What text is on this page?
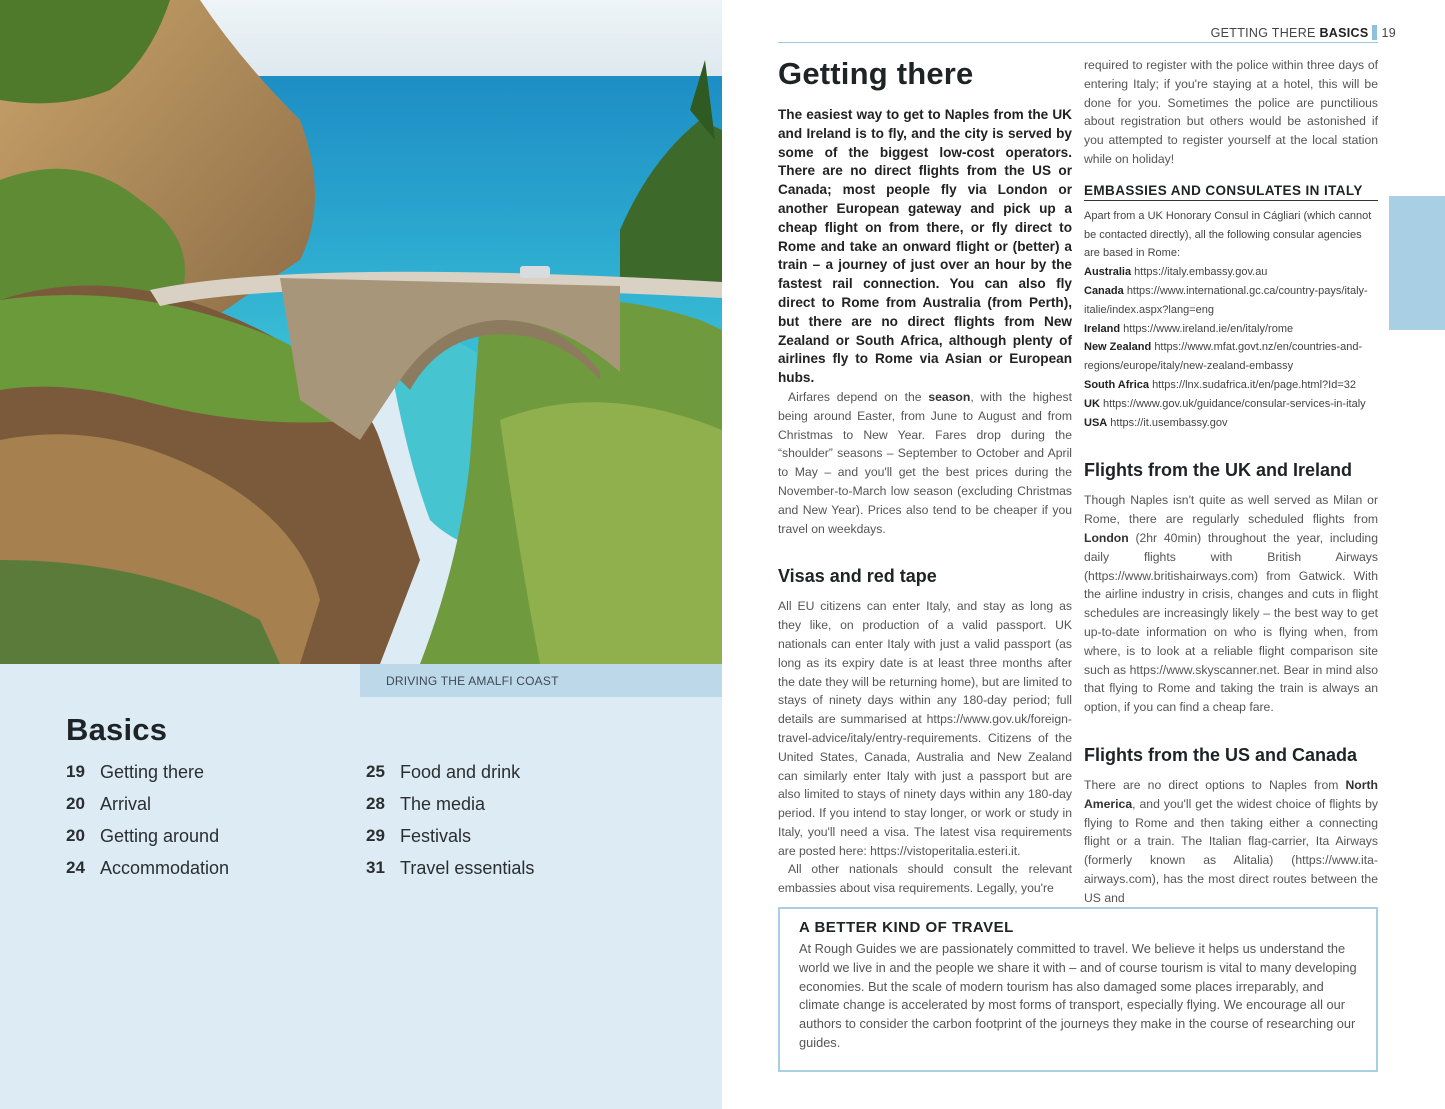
DRIVING THE AMALFI COAST
Basics
19 Getting there
20 Arrival
20 Getting around
24 Accommodation
25 Food and drink
28 The media
29 Festivals
31 Travel essentials
GETTING THERE BASICS 19
Getting there

The easiest way to get to Naples from the UK and Ireland is to fly, and the city is served by some of the biggest low-cost operators. There are no direct flights from the US or Canada; most people fly via London or another European gateway and pick up a cheap flight on from there, or fly direct to Rome and take an onward flight or (better) a train – a journey of just over an hour by the fastest rail connection. You can also fly direct to Rome from Australia (from Perth), but there are no direct flights from New Zealand or South Africa, although plenty of airlines fly to Rome via Asian or European hubs.

Airfares depend on the season, with the highest being around Easter, from June to August and from Christmas to New Year. Fares drop during the “shoulder” seasons – September to October and April to May – and you'll get the best prices during the November-to-March low season (excluding Christmas and New Year). Prices also tend to be cheaper if you travel on weekdays.

Visas and red tape

All EU citizens can enter Italy, and stay as long as they like, on production of a valid passport. UK nationals can enter Italy with just a valid passport (as long as its expiry date is at least three months after the date they will be returning home), but are limited to stays of ninety days within any 180-day period; full details are summarised at https://www.gov.uk/foreign-travel-advice/italy/entry-requirements. Citizens of the United States, Canada, Australia and New Zealand can similarly enter Italy with just a passport but are also limited to stays of ninety days within any 180-day period. If you intend to stay longer, or work or study in Italy, you'll need a visa. The latest visa requirements are posted here: https://vistoperitalia.esteri.it.

All other nationals should consult the relevant embassies about visa requirements. Legally, you're

required to register with the police within three days of entering Italy; if you're staying at a hotel, this will be done for you. Sometimes the police are punctilious about registration but others would be astonished if you attempted to register yourself at the local station while on holiday!

EMBASSIES AND CONSULATES IN ITALY

Apart from a UK Honorary Consul in Cágliari (which cannot be contacted directly), all the following consular agencies are based in Rome:

Australia https://italy.embassy.gov.au
Canada https://www.international.gc.ca/country-pays/italy-italie/index.aspx?lang=eng
Ireland https://www.ireland.ie/en/italy/rome
New Zealand https://www.mfat.govt.nz/en/countries-and-regions/europe/italy/new-zealand-embassy
South Africa https://lnx.sudafrica.it/en/page.html?Id=32
UK https://www.gov.uk/guidance/consular-services-in-italy
USA https://it.usembassy.gov
Flights from the UK and Ireland

Though Naples isn't quite as well served as Milan or Rome, there are regularly scheduled flights from London (2hr 40min) throughout the year, including daily flights with British Airways (https://www.britishairways.com) from Gatwick. With the airline industry in crisis, changes and cuts in flight schedules are increasingly likely – the best way to get up-to-date information on who is flying when, from where, is to look at a reliable flight comparison site such as https://www.skyscanner.net. Bear in mind also that flying to Rome and taking the train is always an option, if you can find a cheap fare.

Flights from the US and Canada

There are no direct options to Naples from North America, and you'll get the widest choice of flights by flying to Rome and then taking either a connecting flight or a train. The Italian flag-carrier, Ita Airways (formerly known as Alitalia) (https://www.ita-airways.com), has the most direct routes between the US and

A BETTER KIND OF TRAVEL

At Rough Guides we are passionately committed to travel. We believe it helps us understand the world we live in and the people we share it with – and of course tourism is vital to many developing economies. But the scale of modern tourism has also damaged some places irreparably, and climate change is accelerated by most forms of transport, especially flying. We encourage all our authors to consider the carbon footprint of the journeys they make in the course of researching our guides.
